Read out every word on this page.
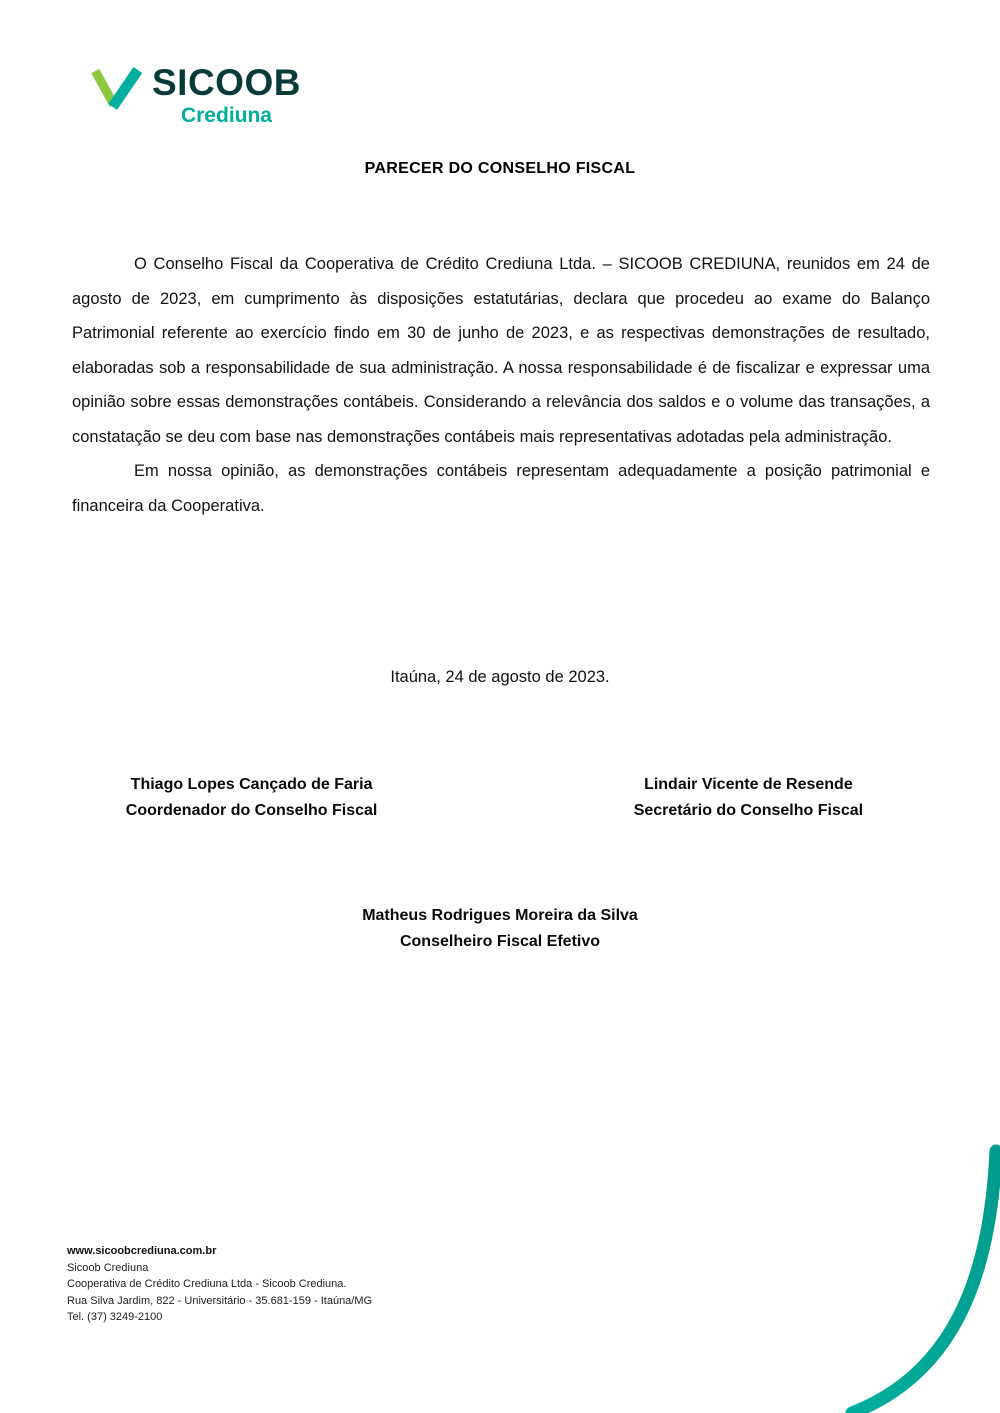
SICOOB
Crediuna
PARECER DO CONSELHO FISCAL

O Conselho Fiscal da Cooperativa de Crédito Crediuna Ltda. – SICOOB CREDIUNA, reunidos em 24 de agosto de 2023, em cumprimento às disposições estatutárias, declara que procedeu ao exame do Balanço Patrimonial referente ao exercício findo em 30 de junho de 2023, e as respectivas demonstrações de resultado, elaboradas sob a responsabilidade de sua administração. A nossa responsabilidade é de fiscalizar e expressar uma opinião sobre essas demonstrações contábeis. Considerando a relevância dos saldos e o volume das transações, a constatação se deu com base nas demonstrações contábeis mais representativas adotadas pela administração.

Em nossa opinião, as demonstrações contábeis representam adequadamente a posição patrimonial e financeira da Cooperativa.

Itaúna, 24 de agosto de 2023.
Thiago Lopes Cançado de Faria
Coordenador do Conselho Fiscal
Lindair Vicente de Resende
Secretário do Conselho Fiscal
Matheus Rodrigues Moreira da Silva
Conselheiro Fiscal Efetivo
www.sicoobcrediuna.com.br
Sicoob Crediuna
Cooperativa de Crédito Crediuna Ltda - Sicoob Crediuna.
Rua Silva Jardim, 822 - Universitário - 35.681-159 - Itaúna/MG
Tel. (37) 3249-2100
